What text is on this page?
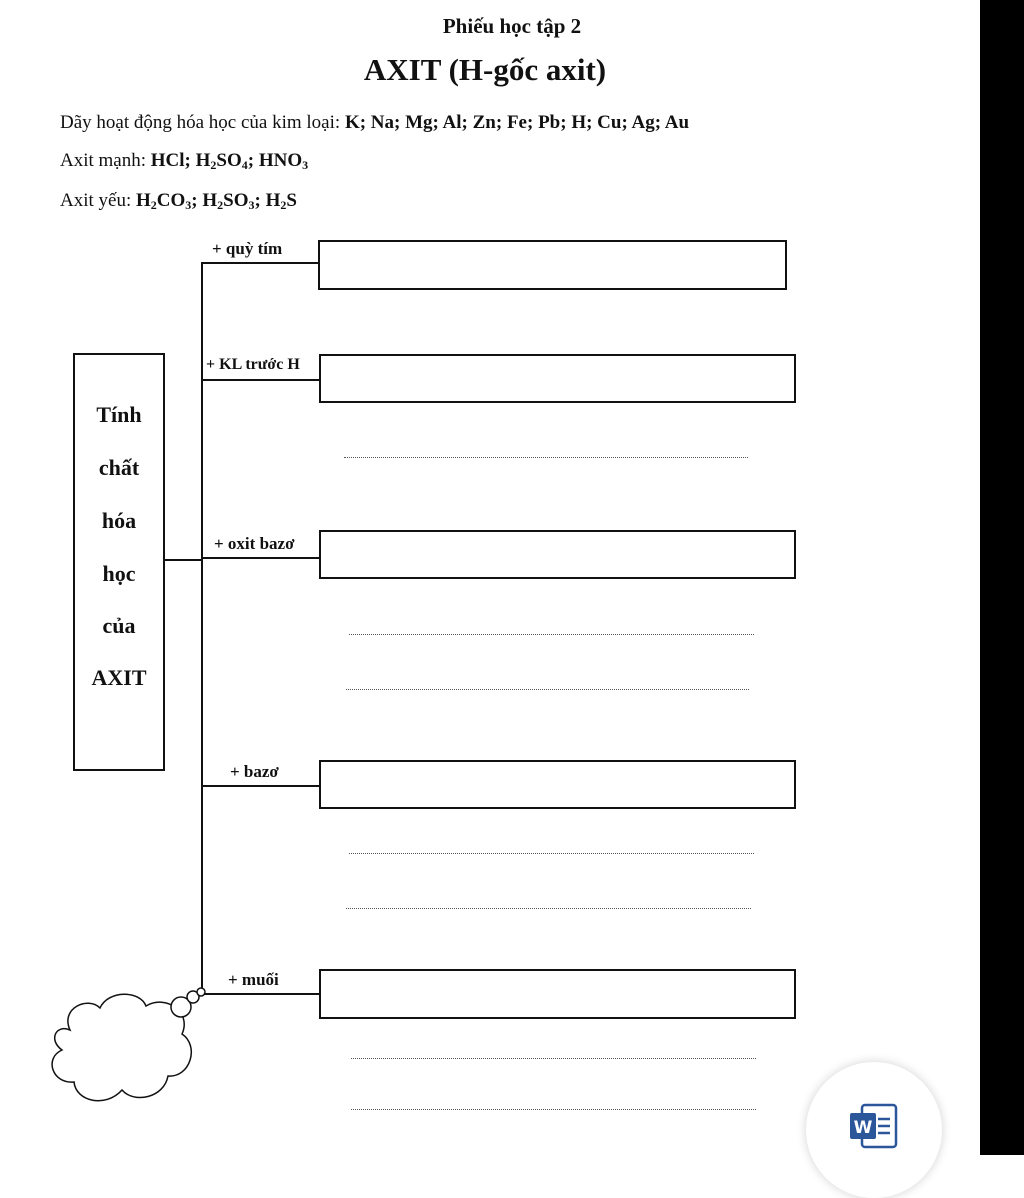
Phiếu học tập 2
AXIT (H-gốc axit)
Dãy hoạt động hóa học của kim loại: K; Na; Mg; Al; Zn; Fe; Pb; H; Cu; Ag; Au
Axit mạnh: HCl; $H_2SO_4$; $HNO_3$
Axit yếu: $H_2CO_3$; $H_2SO_3$; $H_2S$
Tính
chất
hóa
học
của
AXIT
+ quỳ tím
+ KL trước H
+ oxit bazơ
+ bazơ
+ muối
W
